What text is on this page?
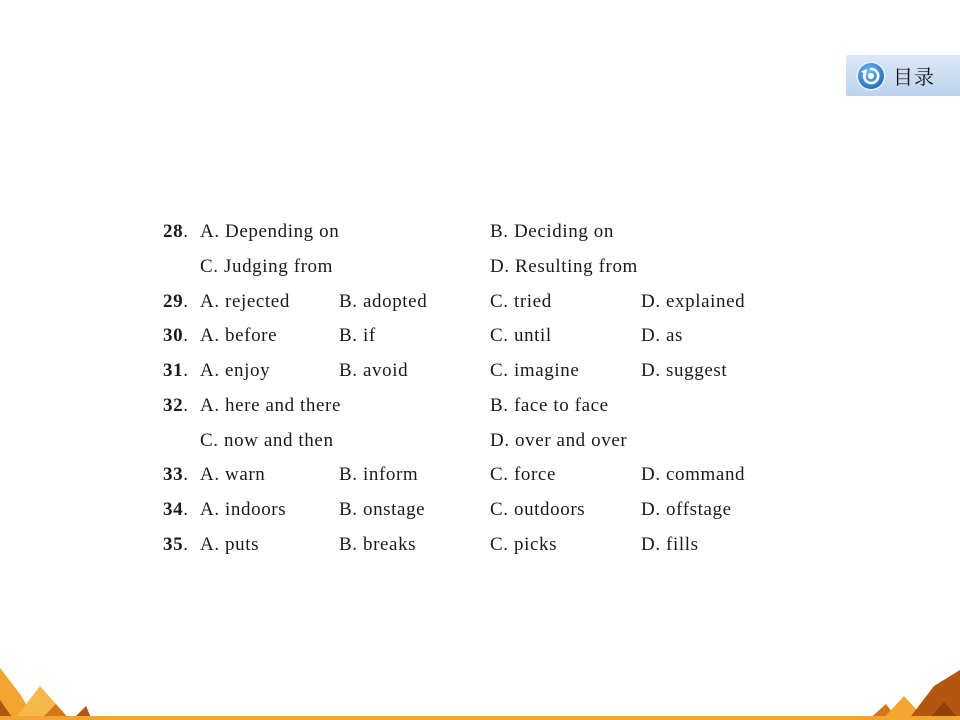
目录
28. A. Depending on	B. Deciding on
C. Judging from	D. Resulting from
29. A. rejected	B. adopted	C. tried	D. explained
30. A. before	B. if	C. until	D. as
31. A. enjoy	B. avoid	C. imagine	D. suggest
32. A. here and there	B. face to face
C. now and then	D. over and over
33. A. warn	B. inform	C. force	D. command
34. A. indoors	B. onstage	C. outdoors	D. offstage
35. A. puts	B. breaks	C. picks	D. fills
